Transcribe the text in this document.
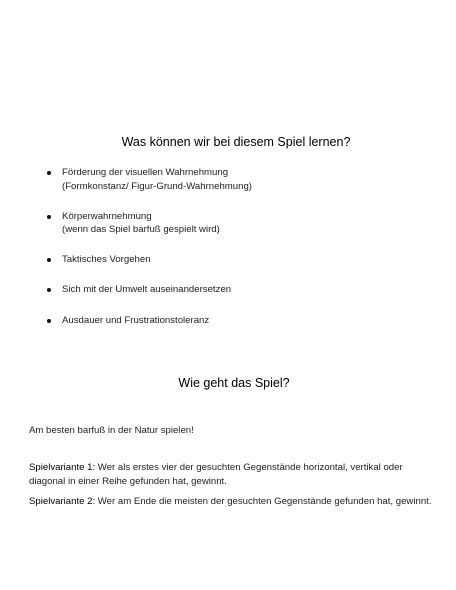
Was können wir bei diesem Spiel lernen?
Förderung der visuellen Wahrnehmung
(Formkonstanz/ Figur-Grund-Wahrnehmung)
Körperwahrnehmung
(wenn das Spiel barfuß gespielt wird)
Taktisches Vorgehen
Sich mit der Umwelt auseinandersetzen
Ausdauer und Frustrationstoleranz
Wie geht das Spiel?
Am besten barfuß in der Natur spielen!
Spielvariante 1: Wer als erstes vier der gesuchten Gegenstände horizontal, vertikal oder
diagonal in einer Reihe gefunden hat, gewinnt.
Spielvariante 2: Wer am Ende die meisten der gesuchten Gegenstände gefunden hat, gewinnt.
